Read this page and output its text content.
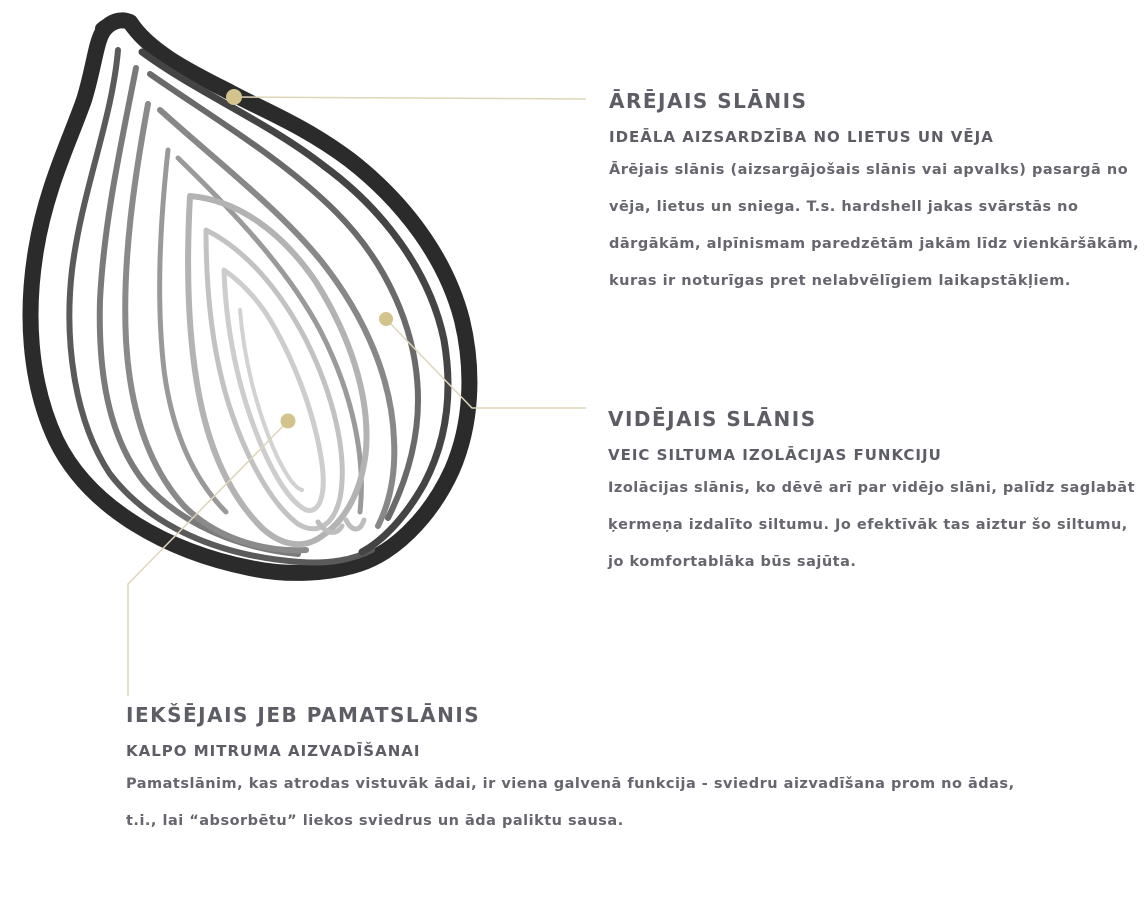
ĀRĒJAIS SLĀNIS
IDEĀLA AIZSARDZĪBA NO LIETUS UN VĒJA

Ārējais slānis (aizsargājošais slānis vai apvalks) pasargā no vēja, lietus un sniega. T.s. hardshell jakas svārstās no dārgākām, alpīnismam paredzētām jakām līdz vienkāršākām, kuras ir noturīgas pret nelabvēlīgiem laikapstākļiem.

VIDĒJAIS SLĀNIS
VEIC SILTUMA IZOLĀCIJAS FUNKCIJU

Izolācijas slānis, ko dēvē arī par vidējo slāni, palīdz saglabāt ķermeņa izdalīto siltumu. Jo efektīvāk tas aiztur šo siltumu, jo komfortablāka būs sajūta.

IEKŠĒJAIS JEB PAMATSLĀNIS
KALPO MITRUMA AIZVADĪŠANAI

Pamatslānim, kas atrodas vistuvāk ādai, ir viena galvenā funkcija - sviedru aizvadīšana prom no ādas, t.i., lai “absorbētu” liekos sviedrus un āda paliktu sausa.
